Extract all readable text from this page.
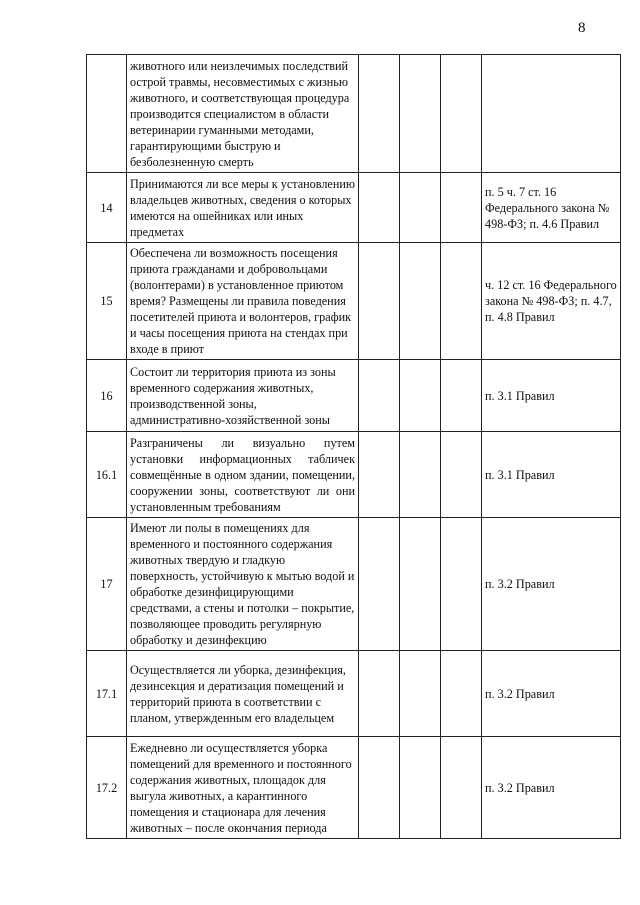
8
	животного или неизлечимых последствий острой травмы, несовместимых с жизнью животного, и соответствующая процедура производится специалистом в области ветеринарии гуманными методами, гарантирующими быструю и безболезненную смерть				
14	Принимаются ли все меры к установлению владельцев животных, сведения о которых имеются на ошейниках или иных предметах				п. 5 ч. 7 ст. 16 Федерального закона № 498-ФЗ; п. 4.6 Правил
15	Обеспечена ли возможность посещения приюта гражданами и добровольцами (волонтерами) в установленное приютом время? Размещены ли правила поведения посетителей приюта и волонтеров, график и часы посещения приюта на стендах при входе в приют				ч. 12 ст. 16 Федерального закона № 498-ФЗ; п. 4.7, п. 4.8 Правил
16	Состоит ли территория приюта из зоны временного содержания животных, производственной зоны, административно-хозяйственной зоны				п. 3.1 Правил
16.1	Разграничены ли визуально путем установки информационных табличек совмещённые в одном здании, помещении, сооружении зоны, соответствуют ли они установленным требованиям				п. 3.1 Правил
17	Имеют ли полы в помещениях для временного и постоянного содержания животных твердую и гладкую поверхность, устойчивую к мытью водой и обработке дезинфицирующими средствами, а стены и потолки – покрытие, позволяющее проводить регулярную обработку и дезинфекцию				п. 3.2 Правил
17.1	Осуществляется ли уборка, дезинфекция, дезинсекция и дератизация помещений и территорий приюта в соответствии с планом, утвержденным его владельцем				п. 3.2 Правил
17.2	Ежедневно ли осуществляется уборка помещений для временного и постоянного содержания животных, площадок для выгула животных, а карантинного помещения и стационара для лечения животных – после окончания периода				п. 3.2 Правил
